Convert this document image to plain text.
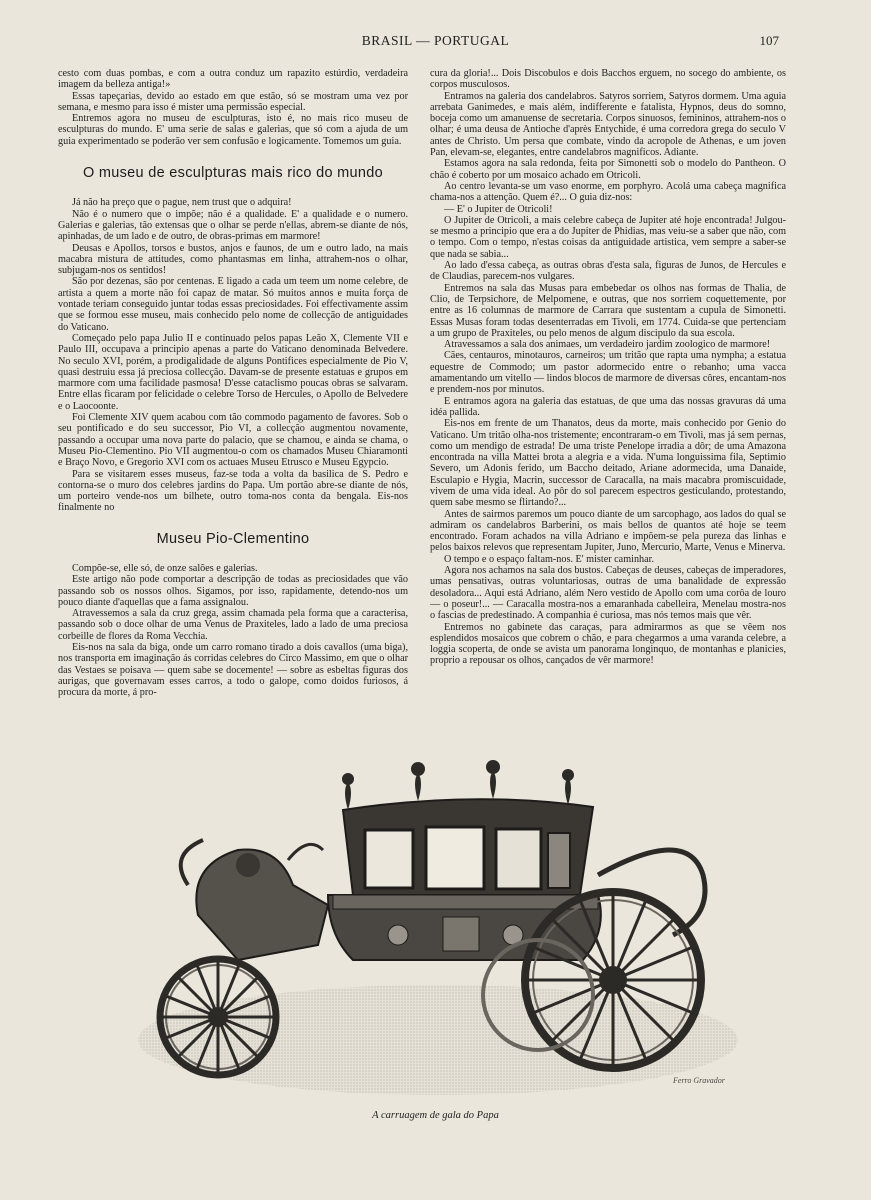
BRASIL — PORTUGAL	107

cesto com duas pombas, e com a outra conduz um rapazito estúrdio, verdadeira imagem da belleza antiga!»

Essas tapeçarias, devido ao estado em que estão, só se mostram uma vez por semana, e mesmo para isso é mister uma permissão especial.

Entremos agora no museu de esculpturas, isto é, no mais rico museu de esculpturas do mundo. E' uma serie de salas e galerias, que só com a ajuda de um guia experimentado se poderão ver sem confusão e logicamente. Tomemos um guia.

O museu de esculpturas mais rico do mundo

Já não ha preço que o pague, nem trust que o adquira!

Não é o numero que o impõe; não é a qualidade. E' a qualidade e o numero. Galerias e galerias, tão extensas que o olhar se perde n'ellas, abrem-se diante de nós, apinhadas, de um lado e de outro, de obras-primas em marmore!

Deusas e Apollos, torsos e bustos, anjos e faunos, de um e outro lado, na mais macabra mistura de attitudes, como phantasmas em linha, attrahem-nos o olhar, subjugam-nos os sentidos!

São por dezenas, são por centenas. E ligado a cada um teem um nome celebre, de artista a quem a morte não foi capaz de matar. Só muitos annos e muita força de vontade teriam conseguido juntar todas essas preciosidades. Foi effectivamente assim que se formou esse museu, mais conhecido pelo nome de collecção de antiguidades do Vaticano.

Começado pelo papa Julio II e continuado pelos papas Leão X, Clemente VII e Paulo III, occupava a principio apenas a parte do Vaticano denominada Belvedere. No seculo XVI, porém, a prodigalidade de alguns Pontifices especialmente de Pio V, quasi destruiu essa já preciosa collecção. Davam-se de presente estatuas e grupos em marmore com uma facilidade pasmosa! D'esse cataclismo poucas obras se salvaram. Entre ellas ficaram por felicidade o celebre Torso de Hercules, o Apollo de Belvedere e o Laocoonte.

Foi Clemente XIV quem acabou com tão commodo pagamento de favores. Sob o seu pontificado e do seu successor, Pio VI, a collecção augmentou novamente, passando a occupar uma nova parte do palacio, que se chamou, e ainda se chama, o Museu Pio-Clementino. Pio VII augmentou-o com os chamados Museu Chiaramonti e Braço Novo, e Gregorio XVI com os actuaes Museu Etrusco e Museu Egypcio.

Para se visitarem esses museus, faz-se toda a volta da basilica de S. Pedro e contorna-se o muro dos celebres jardins do Papa. Um portão abre-se diante de nós, um porteiro vende-nos um bilhete, outro toma-nos conta da bengala. Eis-nos finalmente no

Museu Pio-Clementino

Compõe-se, elle só, de onze salões e galerias.

Este artigo não pode comportar a descripção de todas as preciosidades que vão passando sob os nossos olhos. Sigamos, por isso, rapidamente, detendo-nos um pouco diante d'aquellas que a fama assignalou.

Atravessemos a sala da cruz grega, assim chamada pela forma que a caracterisa, passando sob o doce olhar de uma Venus de Praxiteles, lado a lado de uma preciosa corbeille de flores da Roma Vecchia.

Eis-nos na sala da biga, onde um carro romano tirado a dois cavallos (uma biga), nos transporta em imaginação ás corridas celebres do Circo Massimo, em que o olhar das Vestaes se poisava — quem sabe se docemente! — sobre as esbeltas figuras dos aurigas, que governavam esses carros, a todo o galope, como doidos furiosos, á procura da morte, á pro-

cura da gloria!... Dois Discobulos e dois Bacchos erguem, no socego do ambiente, os corpos musculosos.

Entramos na galeria dos candelabros. Satyros sorriem, Satyros dormem. Uma aguia arrebata Ganimedes, e mais além, indifferente e fatalista, Hypnos, deus do somno, boceja como um amanuense de secretaria. Corpos sinuosos, femininos, attrahem-nos o olhar; é uma deusa de Antioche d'après Entychide, é uma corredora grega do seculo V antes de Christo. Um persa que combate, vindo da acropole de Athenas, e um joven Pan, elevam-se, elegantes, entre candelabros magnificos. Adiante.

Estamos agora na sala redonda, feita por Simonetti sob o modelo do Pantheon. O chão é coberto por um mosaico achado em Otricoli.

Ao centro levanta-se um vaso enorme, em porphyro. Acolá uma cabeça magnifica chama-nos a attenção. Quem é?... O guia diz-nos:

— E' o Jupiter de Otricoli!

O Jupiter de Otricoli, a mais celebre cabeça de Jupiter até hoje encontrada! Julgou-se mesmo a principio que era a do Jupiter de Phidias, mas veiu-se a saber que não, com o tempo. Com o tempo, n'estas coisas da antiguidade artistica, vem sempre a saber-se que nada se sabia...

Ao lado d'essa cabeça, as outras obras d'esta sala, figuras de Junos, de Hercules e de Claudias, parecem-nos vulgares.

Entremos na sala das Musas para embebedar os olhos nas formas de Thalia, de Clio, de Terpsichore, de Melpomene, e outras, que nos sorriem coquettemente, por entre as 16 columnas de marmore de Carrara que sustentam a cupula de Simonetti. Essas Musas foram todas desenterradas em Tivoli, em 1774. Cuida-se que pertenciam a um grupo de Praxiteles, ou pelo menos de algum discipulo da sua escola.

Atravessamos a sala dos animaes, um verdadeiro jardim zoologico de marmore!

Cães, centauros, minotauros, carneiros; um tritão que rapta uma nympha; a estatua equestre de Commodo; um pastor adormecido entre o rebanho; uma vacca amamentando um vitello — lindos blocos de marmore de diversas côres, encantam-nos e prendem-nos por minutos.

E entramos agora na galeria das estatuas, de que uma das nossas gravuras dá uma idéa pallida.

Eis-nos em frente de um Thanatos, deus da morte, mais conhecido por Genio do Vaticano. Um tritão olha-nos tristemente; encontraram-o em Tivoli, mas já sem pernas, como um mendigo de estrada! De uma triste Penelope irradia a dôr; de uma Amazona encontrada na villa Mattei brota a alegria e a vida. N'uma longuissima fila, Septimio Severo, um Adonis ferido, um Baccho deitado, Ariane adormecida, uma Danaide, Esculapio e Hygia, Macrin, successor de Caracalla, na mais macabra promiscuidade, vivem de uma vida ideal. Ao pôr do sol parecem espectros gesticulando, protestando, quem sabe mesmo se flirtando?...

Antes de sairmos paremos um pouco diante de um sarcophago, aos lados do qual se admiram os candelabros Barberini, os mais bellos de quantos até hoje se teem encontrado. Foram achados na villa Adriano e impõem-se pela pureza das linhas e pelos baixos relevos que representam Jupiter, Juno, Mercurio, Marte, Venus e Minerva.

O tempo e o espaço faltam-nos. E' mister caminhar.

Agora nos achamos na sala dos bustos. Cabeças de deuses, cabeças de imperadores, umas pensativas, outras voluntariosas, outras de uma banalidade de expressão desoladora... Aqui está Adriano, além Nero vestido de Apollo com uma corôa de louro — o poseur!... — Caracalla mostra-nos a emaranhada cabelleira, Menelau mostra-nos o fascias de predestinado. A companhia é curiosa, mas nós temos mais que vêr.

Entremos no gabinete das caraças, para admirarmos as que se vêem nos esplendidos mosaicos que cobrem o chão, e para chegarmos a uma varanda celebre, a loggia scoperta, de onde se avista um panorama longinquo, de montanhas e planicies, proprio a repousar os olhos, cançados de vêr marmore!

Ferro Gravador
A carruagem de gala do Papa
